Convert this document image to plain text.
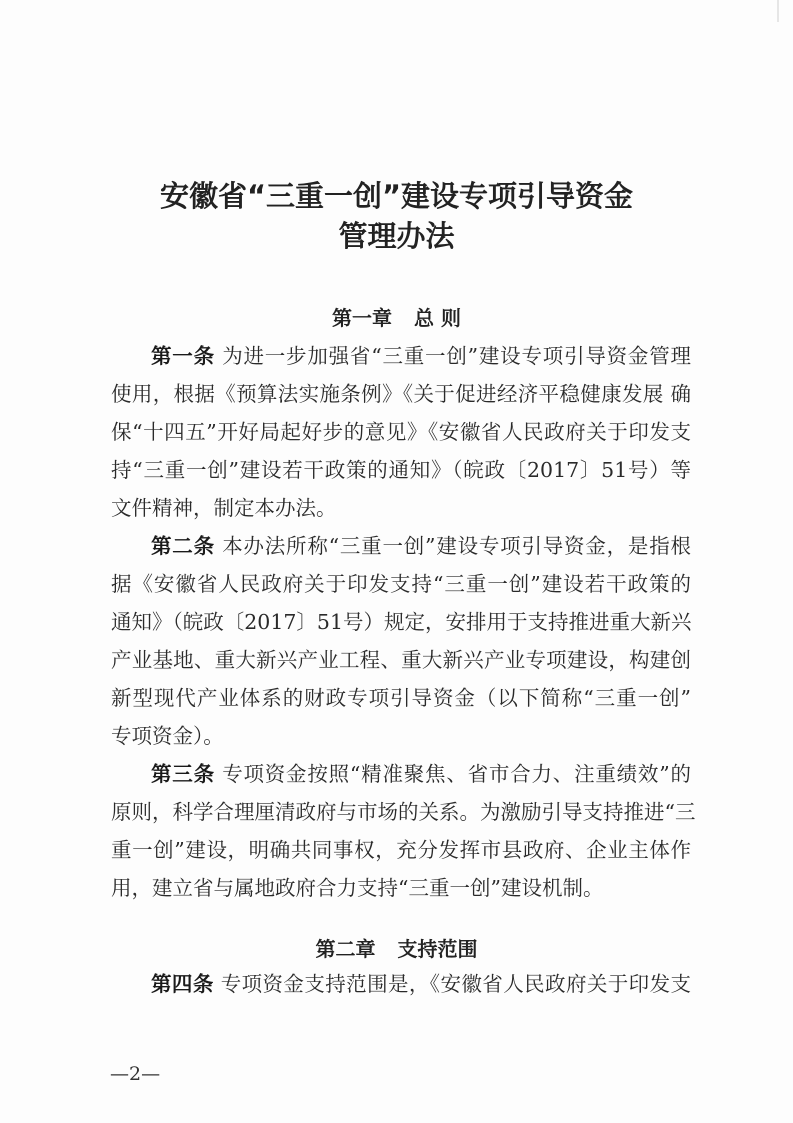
安徽省“三重一创”建设专项引导资金
管理办法
第一章 总 则

第一条 为进一步加强省“三重一创”建设专项引导资金管理

使用，根据《预算法实施条例》《关于促进经济平稳健康发展 确

保“十四五”开好局起好步的意见》《安徽省人民政府关于印发支

持“三重一创”建设若干政策的通知》（皖政〔2017〕51号）等

文件精神，制定本办法。

第二条 本办法所称“三重一创”建设专项引导资金，是指根

据《安徽省人民政府关于印发支持“三重一创”建设若干政策的

通知》（皖政〔2017〕51号）规定，安排用于支持推进重大新兴

产业基地、重大新兴产业工程、重大新兴产业专项建设，构建创

新型现代产业体系的财政专项引导资金（以下简称“三重一创”

专项资金）。

第三条 专项资金按照“精准聚焦、省市合力、注重绩效”的

原则，科学合理厘清政府与市场的关系。为激励引导支持推进“三

重一创”建设，明确共同事权，充分发挥市县政府、企业主体作

用，建立省与属地政府合力支持“三重一创”建设机制。

第二章 支持范围

第四条 专项资金支持范围是，《安徽省人民政府关于印发支

—2—
